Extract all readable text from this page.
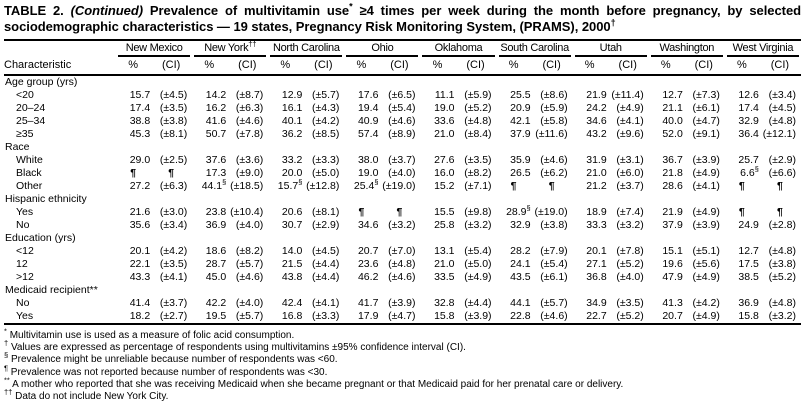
TABLE 2. (Continued) Prevalence of multivitamin use* ≥4 times per week during the month before pregnancy, by selected sociodemographic characteristics — 19 states, Pregnancy Risk Monitoring System, (PRAMS), 2000†

	New Mexico		New York††		North Carolina		Ohio		Oklahoma		South Carolina		Utah		Washington		West Virginia	

Characteristic	%	(CI)	%	(CI)	%	(CI)	%	(CI)	%	(CI)	%	(CI)	%	(CI)	%	(CI)	%	(CI)
Age group (yrs)																		
<20	15.7	(±4.5)	14.2	(±8.7)	12.9	(±5.7)	17.6	(±6.5)	11.1	(±5.9)	25.5	(±8.6)	21.9	(±11.4)	12.7	(±7.3)	12.6	(±3.4)
20–24	17.4	(±3.5)	16.2	(±6.3)	16.1	(±4.3)	19.4	(±5.4)	19.0	(±5.2)	20.9	(±5.9)	24.2	(±4.9)	21.1	(±6.1)	17.4	(±4.5)
25–34	38.8	(±3.8)	41.6	(±4.6)	40.1	(±4.2)	40.9	(±4.6)	33.6	(±4.8)	42.1	(±5.8)	34.6	(±4.1)	40.0	(±4.7)	32.9	(±4.8)
≥35	45.3	(±8.1)	50.7	(±7.8)	36.2	(±8.5)	57.4	(±8.9)	21.0	(±8.4)	37.9	(±11.6)	43.2	(±9.6)	52.0	(±9.1)	36.4	(±12.1)
Race																		
White	29.0	(±2.5)	37.6	(±3.6)	33.2	(±3.3)	38.0	(±3.7)	27.6	(±3.5)	35.9	(±4.6)	31.9	(±3.1)	36.7	(±3.9)	25.7	(±2.9)
Black	¶	¶	17.3	(±9.0)	20.0	(±5.0)	19.0	(±4.0)	16.0	(±8.2)	26.5	(±6.2)	21.0	(±6.0)	21.8	(±4.9)	6.6§	(±6.6)
Other	27.2	(±6.3)	44.1§	(±18.5)	15.7§	(±12.8)	25.4§	(±19.0)	15.2	(±7.1)	¶	¶	21.2	(±3.7)	28.6	(±4.1)	¶	¶
Hispanic ethnicity																		
Yes	21.6	(±3.0)	23.8	(±10.4)	20.6	(±8.1)	¶	¶	15.5	(±9.8)	28.9§	(±19.0)	18.9	(±7.4)	21.9	(±4.9)	¶	¶
No	35.6	(±3.4)	36.9	(±4.0)	30.7	(±2.9)	34.6	(±3.2)	25.8	(±3.2)	32.9	(±3.8)	33.3	(±3.2)	37.9	(±3.9)	24.9	(±2.8)
Education (yrs)																		
<12	20.1	(±4.2)	18.6	(±8.2)	14.0	(±4.5)	20.7	(±7.0)	13.1	(±5.4)	28.2	(±7.9)	20.1	(±7.8)	15.1	(±5.1)	12.7	(±4.8)
12	22.1	(±3.5)	28.7	(±5.7)	21.5	(±4.4)	23.6	(±4.8)	21.0	(±5.0)	24.1	(±5.4)	27.1	(±5.2)	19.6	(±5.6)	17.5	(±3.8)
>12	43.3	(±4.1)	45.0	(±4.6)	43.8	(±4.4)	46.2	(±4.6)	33.5	(±4.9)	43.5	(±6.1)	36.8	(±4.0)	47.9	(±4.9)	38.5	(±5.2)
Medicaid recipient**																		
No	41.4	(±3.7)	42.2	(±4.0)	42.4	(±4.1)	41.7	(±3.9)	32.8	(±4.4)	44.1	(±5.7)	34.9	(±3.5)	41.3	(±4.2)	36.9	(±4.8)
Yes	18.2	(±2.7)	19.5	(±5.7)	16.8	(±3.3)	17.9	(±4.7)	15.8	(±3.9)	22.8	(±4.6)	22.7	(±5.2)	20.7	(±4.9)	15.8	(±3.2)
* Multivitamin use is used as a measure of folic acid consumption.
† Values are expressed as percentage of respondents using multivitamins ±95% confidence interval (CI).
§ Prevalence might be unreliable because number of respondents was <60.
¶ Prevalence was not reported because number of respondents was <30.
** A mother who reported that she was receiving Medicaid when she became pregnant or that Medicaid paid for her prenatal care or delivery.
†† Data do not include New York City.
